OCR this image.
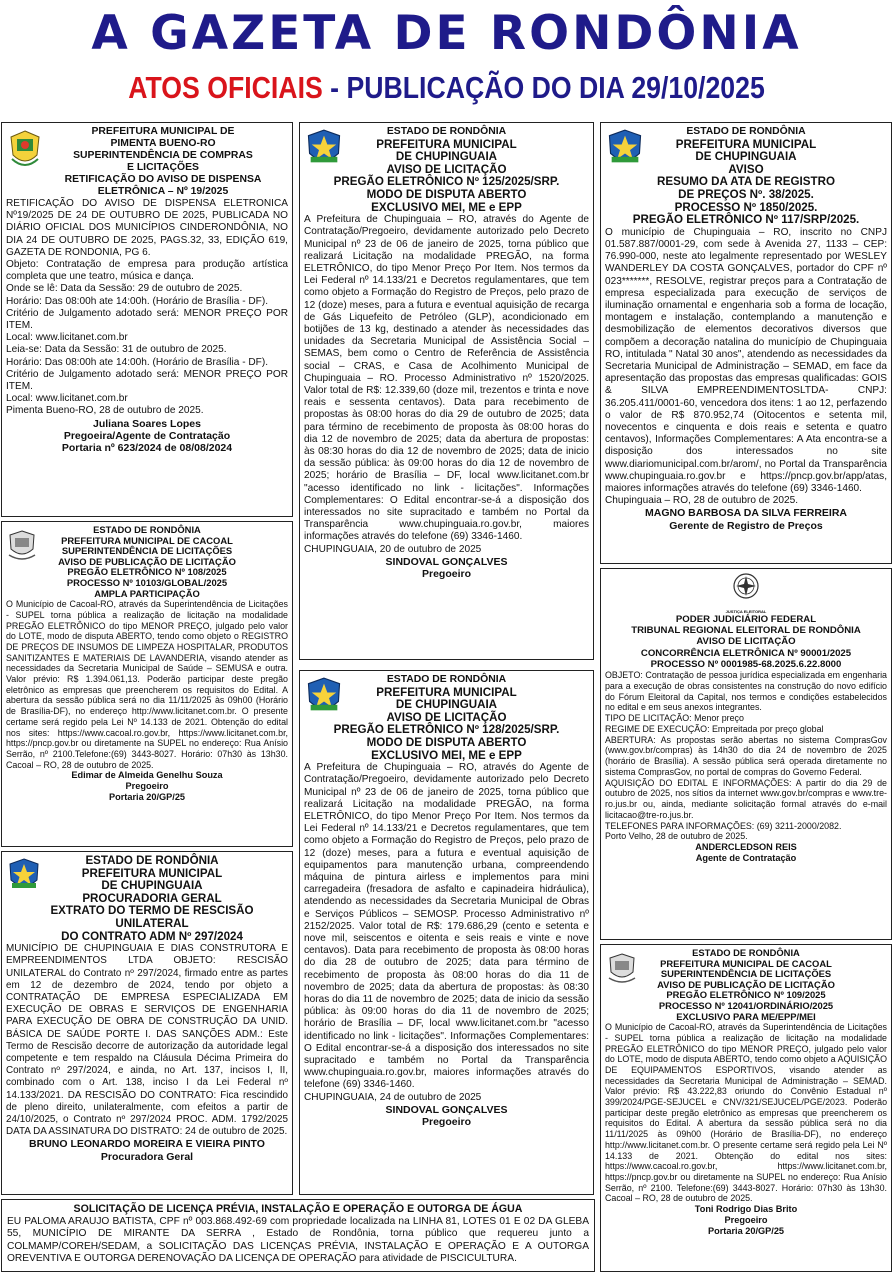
A GAZETA DE RONDÔNIA
ATOS OFICIAIS - PUBLICAÇÃO DO DIA 29/10/2025

PREFEITURA MUNICIPAL DE

PIMENTA BUENO-RO

SUPERINTENDÊNCIA DE COMPRAS

E LICITAÇÕES

RETIFICAÇÃO DO AVISO DE DISPENSA

ELETRÔNICA – Nº 19/2025

RETIFICAÇÃO DO AVISO DE DISPENSA ELETRONICA Nº19/2025 DE 24 DE OUTUBRO DE 2025, PUBLICADA NO DIÁRIO OFICIAL DOS MUNICÍPIOS CINDERONDÔNIA, NO DIA 24 DE OUTUBRO DE 2025, PAGS.32, 33, EDIÇÃO 619, GAZETA DE RONDONIA, PG 6.

Objeto: Contratação de empresa para produção artística completa que une teatro, música e dança.

Onde se lê: Data da Sessão: 29 de outubro de 2025.

Horário: Das 08:00h ate 14:00h. (Horário de Brasília - DF).

Critério de Julgamento adotado será: MENOR PREÇO POR ITEM.

Local: www.licitanet.com.br

Leia-se: Data da Sessão: 31 de outubro de 2025.

Horário: Das 08:00h ate 14:00h. (Horário de Brasília - DF).

Critério de Julgamento adotado será: MENOR PREÇO POR ITEM.

Local: www.licitanet.com.br

Pimenta Bueno-RO, 28 de outubro de 2025.

Juliana Soares Lopes

Pregoeira/Agente de Contratação

Portaria nº 623/2024 de 08/08/2024

ESTADO DE RONDÔNIA

PREFEITURA MUNICIPAL DE CACOAL

SUPERINTENDÊNCIA DE LICITAÇÕES

AVISO DE PUBLICAÇÃO DE LICITAÇÃO

PREGÃO ELETRÔNICO Nº 108/2025

PROCESSO Nº 10103/GLOBAL/2025

AMPLA PARTICIPAÇÃO

O Município de Cacoal-RO, através da Superintendência de Licitações - SUPEL torna pública a realização de licitação na modalidade PREGÃO ELETRÔNICO do tipo MENOR PREÇO, julgado pelo valor do LOTE, modo de disputa ABERTO, tendo como objeto o REGISTRO DE PREÇOS DE INSUMOS DE LIMPEZA HOSPITALAR, PRODUTOS SANITIZANTES E MATERIAIS DE LAVANDERIA, visando atender as necessidades da Secretaria Municipal de Saúde – SEMUSA e outra. Valor prévio: R$ 1.394.061,13. Poderão participar deste pregão eletrônico as empresas que preencherem os requisitos do Edital. A abertura da sessão pública será no dia 11/11/2025 às 09h00 (Horário de Brasília-DF), no endereço http://www.licitanet.com.br. O presente certame será regido pela Lei Nº 14.133 de 2021. Obtenção do edital nos sites: https://www.cacoal.ro.gov.br, https://www.licitanet.com.br, https://pncp.gov.br ou diretamente na SUPEL no endereço: Rua Anísio Serrão, nº 2100.Telefone:(69) 3443-8027. Horário: 07h30 às 13h30. Cacoal – RO, 28 de outubro de 2025.

Edimar de Almeida Genelhu Souza

Pregoeiro

Portaria 20/GP/25

ESTADO DE RONDÔNIA

PREFEITURA MUNICIPAL

DE CHUPINGUAIA

PROCURADORIA GERAL

EXTRATO DO TERMO DE RESCISÃO UNILATERAL

DO CONTRATO ADM Nº 297/2024

MUNICÍPIO DE CHUPINGUAIA E DIAS CONSTRUTORA E EMPREENDIMENTOS LTDA OBJETO: RESCISÃO UNILATERAL do Contrato nº 297/2024, firmado entre as partes em 12 de dezembro de 2024, tendo por objeto a CONTRATAÇÃO DE EMPRESA ESPECIALIZADA EM EXECUÇÃO DE OBRAS E SERVIÇOS DE ENGENHARIA PARA EXECUÇÃO DE OBRA DE CONSTRUÇÃO DA UNID. BÁSICA DE SAÚDE PORTE I. DAS SANÇÕES ADM.: Este Termo de Rescisão decorre de autorização da autoridade legal competente e tem respaldo na Cláusula Décima Primeira do Contrato nº 297/2024, e ainda, no Art. 137, incisos I, II, combinado com o Art. 138, inciso I da Lei Federal nº 14.133/2021. DA RESCISÃO DO CONTRATO: Fica rescindido de pleno direito, unilateralmente, com efeitos a partir de 24/10/2025, o Contrato nº 297/2024 PROC. ADM. 1792/2025 DATA DA ASSINATURA DO DISTRATO: 24 de outubro de 2025.

BRUNO LEONARDO MOREIRA E VIEIRA PINTO

Procuradora Geral

ESTADO DE RONDÔNIA

PREFEITURA MUNICIPAL

DE CHUPINGUAIA

AVISO DE LICITAÇÃO

PREGÃO ELETRÔNICO Nº 125/2025/SRP.

MODO DE DISPUTA ABERTO

EXCLUSIVO MEI, ME e EPP

A Prefeitura de Chupinguaia – RO, através do Agente de Contratação/Pregoeiro, devidamente autorizado pelo Decreto Municipal nº 23 de 06 de janeiro de 2025, torna público que realizará Licitação na modalidade PREGÃO, na forma ELETRÔNICO, do tipo Menor Preço Por Item. Nos termos da Lei Federal nº 14.133/21 e Decretos regulamentares, que tem como objeto a Formação do Registro de Preços, pelo prazo de 12 (doze) meses, para a futura e eventual aquisição de recarga de Gás Liquefeito de Petróleo (GLP), acondicionado em botijões de 13 kg, destinado a atender às necessidades das unidades da Secretaria Municipal de Assistência Social – SEMAS, bem como o Centro de Referência de Assistência social – CRAS, e Casa de Acolhimento Municipal de Chupinguaia – RO. Processo Administrativo nº 1520/2025. Valor total de R$: 12.339,60 (doze mil, trezentos e trinta e nove reais e sessenta centavos). Data para recebimento de propostas às 08:00 horas do dia 29 de outubro de 2025; data para término de recebimento de proposta às 08:00 horas do dia 12 de novembro de 2025; data da abertura de propostas: às 08:30 horas do dia 12 de novembro de 2025; data de inicio da sessão pública: às 09:00 horas do dia 12 de novembro de 2025; horário de Brasília – DF, local www.licitanet.com.br "acesso identificado no link - licitações". Informações Complementares: O Edital encontrar-se-á a disposição dos interessados no site supracitado e também no Portal da Transparência www.chupinguaia.ro.gov.br, maiores informações através do telefone (69) 3346-1460.
CHUPINGUAIA, 20 de outubro de 2025

SINDOVAL GONÇALVES

Pregoeiro

ESTADO DE RONDÔNIA

PREFEITURA MUNICIPAL

DE CHUPINGUAIA

AVISO DE LICITAÇÃO

PREGÃO ELETRÔNICO Nº 128/2025/SRP.

MODO DE DISPUTA ABERTO

EXCLUSIVO MEI, ME e EPP

A Prefeitura de Chupinguaia – RO, através do Agente de Contratação/Pregoeiro, devidamente autorizado pelo Decreto Municipal nº 23 de 06 de janeiro de 2025, torna público que realizará Licitação na modalidade PREGÃO, na forma ELETRÔNICO, do tipo Menor Preço Por Item. Nos termos da Lei Federal nº 14.133/21 e Decretos regulamentares, que tem como objeto a Formação do Registro de Preços, pelo prazo de 12 (doze) meses, para a futura e eventual aquisição de equipamentos para manutenção urbana, compreendendo máquina de pintura airless e implementos para mini carregadeira (fresadora de asfalto e capinadeira hidráulica), atendendo as necessidades da Secretaria Municipal de Obras e Serviços Públicos – SEMOSP. Processo Administrativo nº 2152/2025. Valor total de R$: 179.686,29 (cento e setenta e nove mil, seiscentos e oitenta e seis reais e vinte e nove centavos). Data para recebimento de proposta às 08:00 horas do dia 28 de outubro de 2025; data para término de recebimento de proposta às 08:00 horas do dia 11 de novembro de 2025; data da abertura de propostas: às 08:30 horas do dia 11 de novembro de 2025; data de inicio da sessão pública: às 09:00 horas do dia 11 de novembro de 2025; horário de Brasília – DF, local www.licitanet.com.br "acesso identificado no link - licitações". Informações Complementares: O Edital encontrar-se-á a disposição dos interessados no site supracitado e também no Portal da Transparência www.chupinguaia.ro.gov.br, maiores informações através do telefone (69) 3346-1460.
CHUPINGUAIA, 24 de outubro de 2025

SINDOVAL GONÇALVES

Pregoeiro

ESTADO DE RONDÔNIA

PREFEITURA MUNICIPAL

DE CHUPINGUAIA

AVISO

RESUMO DA ATA DE REGISTRO

DE PREÇOS Nº. 38/2025.

PROCESSO Nº 1850/2025.

PREGÃO ELETRÔNICO Nº 117/SRP/2025.

O município de Chupinguaia – RO, inscrito no CNPJ 01.587.887/0001-29, com sede à Avenida 27, 1133 – CEP: 76.990-000, neste ato legalmente representado por WESLEY WANDERLEY DA COSTA GONÇALVES, portador do CPF nº 023*******, RESOLVE, registrar preços para a Contratação de empresa especializada para execução de serviços de iluminação ornamental e engenharia sob a forma de locação, montagem e instalação, contemplando a manutenção e desmobilização de elementos decorativos diversos que compõem a decoração natalina do município de Chupinguaia RO, intitulada " Natal 30 anos", atendendo as necessidades da Secretaria Municipal de Administração – SEMAD, em face da apresentação das propostas das empresas qualificadas: GOIS & SILVA EMPREENDIMENTOSLTDA- CNPJ: 36.205.411/0001-60, vencedora dos itens: 1 ao 12, perfazendo o valor de R$ 870.952,74 (Oitocentos e setenta mil, novecentos e cinquenta e dois reais e setenta e quatro centavos), Informações Complementares: A Ata encontra-se a disposição dos interessados no site www.diariomunicipal.com.br/arom/, no Portal da Transparência www.chupinguaia.ro.gov.br e https://pncp.gov.br/app/atas, maiores informações através do telefone (69) 3346-1460.
Chupinguaia – RO, 28 de outubro de 2025.

MAGNO BARBOSA DA SILVA FERREIRA

Gerente de Registro de Preços

JUSTIÇA ELEITORAL

PODER JUDICIÁRIO FEDERAL

TRIBUNAL REGIONAL ELEITORAL DE RONDÔNIA

AVISO DE LICITAÇÃO

CONCORRÊNCIA ELETRÔNICA Nº 90001/2025

PROCESSO Nº 0001985-68.2025.6.22.8000

OBJETO: Contratação de pessoa jurídica especializada em engenharia para a execução de obras consistentes na construção do novo edifício do Fórum Eleitoral da Capital, nos termos e condições estabelecidos no edital e em seus anexos integrantes.

TIPO DE LICITAÇÃO: Menor preço

REGIME DE EXECUÇÃO: Empreitada por preço global

ABERTURA: As propostas serão abertas no sistema ComprasGov (www.gov.br/compras) às 14h30 do dia 24 de novembro de 2025 (horário de Brasília). A sessão pública será operada diretamente no sistema ComprasGov, no portal de compras do Governo Federal.

AQUISIÇÃO DO EDITAL E INFORMAÇÕES: A partir do dia 29 de outubro de 2025, nos sítios da internet www.gov.br/compras e www.tre-ro.jus.br ou, ainda, mediante solicitação formal através do e-mail licitacao@tre-ro.jus.br.

TELEFONES PARA INFORMAÇÕES: (69) 3211-2000/2082.

Porto Velho, 28 de outubro de 2025.

ANDERCLEDSON REIS

Agente de Contratação

ESTADO DE RONDÔNIA

PREFEITURA MUNICIPAL DE CACOAL

SUPERINTENDÊNCIA DE LICITAÇÕES

AVISO DE PUBLICAÇÃO DE LICITAÇÃO

PREGÃO ELETRÔNICO Nº 109/2025

PROCESSO Nº 12041/ORDINÁRIO/2025

EXCLUSIVO PARA ME/EPP/MEI

O Município de Cacoal-RO, através da Superintendência de Licitações - SUPEL torna pública a realização de licitação na modalidade PREGÃO ELETRÔNICO do tipo MENOR PREÇO, julgado pelo valor do LOTE, modo de disputa ABERTO, tendo como objeto a AQUISIÇÃO DE EQUIPAMENTOS ESPORTIVOS, visando atender as necessidades da Secretaria Municipal de Administração – SEMAD. Valor prévio: R$ 43.222,83 oriundo do Convênio Estadual nº 399/2024/PGE-SEJUCEL e CNV/321/SEJUCEL/PGE/2023. Poderão participar deste pregão eletrônico as empresas que preencherem os requisitos do Edital. A abertura da sessão pública será no dia 11/11/2025 às 09h00 (Horário de Brasília-DF), no endereço http://www.licitanet.com.br. O presente certame será regido pela Lei Nº 14.133 de 2021. Obtenção do edital nos sites: https://www.cacoal.ro.gov.br, https://www.licitanet.com.br, https://pncp.gov.br ou diretamente na SUPEL no endereço: Rua Anísio Serrão, nº 2100. Telefone:(69) 3443-8027. Horário: 07h30 às 13h30. Cacoal – RO, 28 de outubro de 2025.

Toni Rodrigo Dias Brito

Pregoeiro

Portaria 20/GP/25

SOLICITAÇÃO DE LICENÇA PRÉVIA, INSTALAÇÃO E OPERAÇÃO E OUTORGA DE ÁGUA
EU PALOMA ARAUJO BATISTA, CPF nº 003.868.492-69 com propriedade localizada na LINHA 81, LOTES 01 E 02 DA GLEBA 55, MUNICÍPIO DE MIRANTE DA SERRA , Estado de Rondônia, torna público que requereu junto a COLMAMP/COREH/SEDAM, a SOLICITAÇÃO DAS LICENÇAS PRÉVIA, INSTALAÇÃO E OPERAÇÃO E A OUTORGA OREVENTIVA E OUTORGA DERENOVAÇÃO DA LICENÇA DE OPERAÇÃO para atividade de PISCICULTURA.
